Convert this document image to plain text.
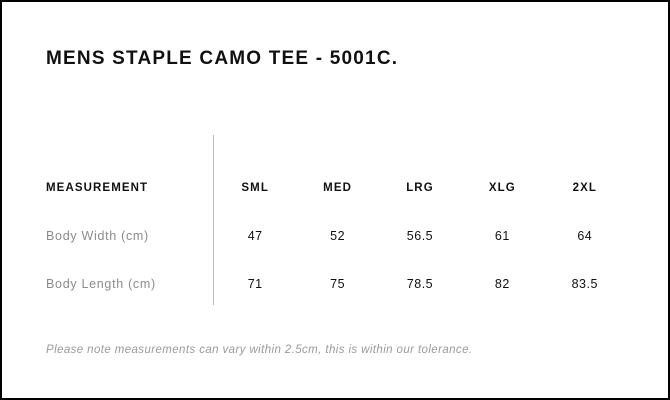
MENS STAPLE CAMO TEE - 5001C.
MEASUREMENT	SML	MED	LRG	XLG	2XL
Body Width (cm)	47	52	56.5	61	64
Body Length (cm)	71	75	78.5	82	83.5
Please note measurements can vary within 2.5cm, this is within our tolerance.
